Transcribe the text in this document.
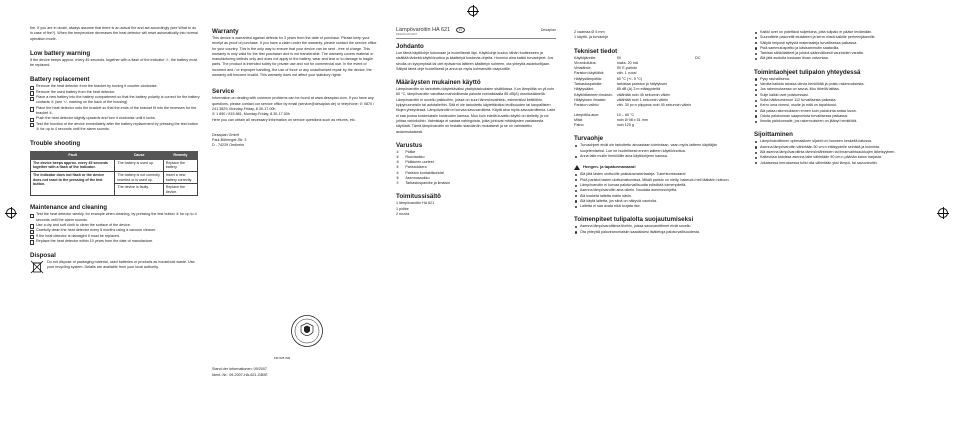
fire. If you are in doubt, always assume that there is an actual fire and act accordingly (see What to do in case of fire?). When the temperature decreases the heat detector will reset automatically into normal operation mode.

Low battery warning

If the device beeps approx. every 45 seconds, together with a flash of the indicator ⑦, the battery must be replaced.

Battery replacement
Remove the heat detector from the bracket by turning it counter-clockwise.
Remove the used battery from the heat detector.
Place a new battery into the battery compartment so that the battery polarity is correct for the battery contacts ⑤ (see +/- marking on the back of the housing)
Place the heat detector onto the bracket so that the ends of the bracket fit into the recesses for the bracket ①.
Push the heat detector slightly upwards and turn it clockwise until it locks.
Test the function of the device immediately after the battery replacement by pressing the test button ③ for up to 4 seconds until the alarm sounds.
Trouble shooting
Fault	Cause	Remedy
The device beeps approx. every 45 seconds together with a flash of the indicator.	The battery is used up.	Replace the battery.
The indicator does not flash or the device does not react to the pressing of the test button.	The battery is not correctly inserted or is used up.	Insert a new battery correctly.
	The device is faulty.	Replace the device.
Maintenance and cleaning
Test the heat detector weekly, for example when cleaning, by pressing the test button ③ for up to 4 seconds until the alarm sounds.
Use a dry and soft cloth to clean the surface of the device.
Carefully clean the heat detector every 6 months using a vacuum cleaner.
If the heat detector is damaged it must be replaced.
Replace the heat detector within 10 years from the date of manufacture.
Disposal

Do not dispose of packaging material, used batteries or products as household waste. Use your recycling system. Details are available from your local authority.

Warranty

This device is warranted against defects for 3 years from the date of purchase. Please keep your receipt as proof of purchase. If you have a claim under the warranty, please contact the service office for your country. This is the only way to ensure that your device can be sent - free of charge. This warranty is only valid for the first purchaser and is not transferable. The warranty covers material or manufacturing defects only and does not apply to the battery, wear and tear or to damage to fragile parts. The product is intended solely for private use and not for commercial use. In the event of incorrect and / or improper handling, the use of force or any unauthorised repair by the device, the warranty will become invalid. This warranty does not affect your statutory rights.

Service

Information on dealing with common problems can be found at www.desaplan.com. If you have any questions, please contact our service office by email (service@desaplan.de) or telephone: ✆ 0870 / 241 3829, Monday-Friday, 8.30-17.00h

✆ 1 890 / 815 881, Monday-Friday, 8.30-17.00h

Here you can obtain all necessary information on service questions such as returns, etc.

Desaplan GmbH

Paul-Böhringer-Str. 3

D - 74229 Oedheim

KM 528 009

Stand der Informationen: 09/2007

Ident.-Nr.: 09-2007-HA-621-GB/IE

Lämpövaroitin HA 621	FI	Desaplan

DESAPLAN 09/07

Johdanto

Lue tämä käyttöohje kokonaan ja huolellisesti läpi. Käyttöohje kuuluu tähän tuotteeseen ja sisältää tärkeitä käyttöönottoa ja käsittelyä koskevia ohjeita. Huomioi aina kaikki turvaohjeet. Jos sinulla on kysymyksiä tai olet epävarma laitteen käsittelyn suhteen, ota yhteyttä asiantuntijaan. Säilytä tämä ohje huolellisesti ja anna se myös kolmansille osapuolille.

Määräysten mukainen käyttö

Lämpövaroitin on tarkoitettu käytettäväksi yksityistalouksien sisätiloissa. Kun lämpötila on yli noin 60 °C, lämpövaroitin varoittaa mahdollisesta palosta voimakkaalla 85 dB(A) varoitusäänellä. Lämpövaroitin ei sovellu paikkoihin, joissa on suuri lämmönvaihtelu, esimerkiksi keittiöihin, kylpyhuoneisiin tai autotalleihin. Sitä ei ole tarkoitettu käytettäväksi teollisuuden tai kaupallisten tilojen yhteydessä. Lämpövaroitin ei korvaa savuvaroitinta. Käytä aina myös savuvaroittimia. Laite ei saa joutua kosketuksiin kosteuden kanssa. Muu kuin edellä kuvattu käyttö on kielletty ja voi johtaa vahinkoihin. Valmistaja ei vastaa vahingoista, jotka johtuvat määräysten vastaisesta käytöstä. Tämä lämpövaroitin on testattu standardin mukaisesti ja se on valmistettu asianmukaisesti.

Varustus
①	Pidike
②	Ruuviaukko
③	Pidikkeen uurteet
④	Paristolokero
⑤	Pariston kontaktikohdat
⑥	Asennusaukko
⑦	Tarkastuspainike ja ilmaisin
Toimitussisältö

1 lämpövaroitin HA 621

1 pidike

2 ruuvia

2 vaarnaa Ø 5 mm

1 käyttö- ja turvaohje

Tekniset tiedot
Käyttöjännite:	9V	DC
Virrankulutus:	maks. 20 mA	
Virtalähde:	9V E-paristo	
Pariston käyttöikä:	väh. 1 vuosi	
Hälytyslämpötila:	60 °C (+/- 5 °C)	
Tarkastuspainike:	tarkistaa pariston ja hälytyksen	
Hälytysääni:	85 dB (A) 3 m etäisyydeltä	
Käyttötilanteen ilmaisin:	välähtää noin 45 sekunnin välein	
Hälytyksen ilmaisin:	välähtää noin 1 sekunnin välein	
Pariston vaihto:	väh. 30 pv:n piippaus noin 45 sekunnin välein	
Lämpötila-alue:	10 – 60 °C	
Mitat:	noin Ø 98 x 51 mm	
Paino:	noin 125 g	
Turvaohje
Turvaohjeet eivät ole tarkoitettu ainoastaan toimintaan, vaan myös laitteen käyttäjän suojelemiseksi. Lue ne huolellisesti ennen laitteen käyttöönottoa.
Anna laite muille henkilöille aina käyttöohjeen kanssa.
Hengen- ja tapaturmavaara!
Älä jätä lasten ulottuville pakkausmateriaaleja. Tukehtumisvaara!
Pidä paristot lasten ulottumattomissa. Mikäli paristo on nielty, hakeudu heti lääkärin hoitoon.
Lämpövaroitin ei korvaa paloturvallisuutta edistäviä toimenpiteitä.
Asenna lämpövaroitin aina oikein. Noudata asennusohjetta.
Älä kosketa laitetta märin käsin.
Älä käytä laitetta, jos siinä on näkyviä vaurioita.
Laitetta ei saa avata eikä korjata itse.
Toimenpiteet tulipalolta suojautumiseksi
Asenna lämpövaroittimia tiloihin, joissa savuvaroittimet eivät sovellu.
Ota yhteyttä paloviranomaisiin saadaksesi lisätietoja paloturvallisuudesta.
Kaikki ovet on pidettävä suljettuina, jotta tulipalo ei pääse leviämään.
Suunnittele pakoreitit etukäteen ja kerro niistä kaikille perheenjäsenille.
Säilytä helposti syttyviä materiaaleja turvallisessa paikassa.
Pidä sammutuspeitto ja käsisammutin saatavilla.
Tarkista sähkölaitteet ja johdot säännöllisesti vaurioiden varalta.
Älä jätä avotulta koskaan ilman valvontaa.
Toimintaohjeet tulipalon yhteydessä
Pysy rauhallisena.
Varoita kaikkia talossa olevia henkilöitä ja poistu rakennuksesta.
Jos rakennuksessa on savua, liiku lähellä lattiaa.
Sulje kaikki ovet poistuessasi.
Soita hätänumeroon 112 turvallisesta paikasta.
Kerro oma nimesi, osoite ja mitä on tapahtunut.
Älä palaa rakennukseen ennen kuin palokunta antaa luvan.
Odota palokunnan saapumista turvallisessa paikassa.
Ilmoita palokunnalle, jos rakennukseen on jäänyt henkilöitä.
Sijoittaminen
Lämpövaroittimen optimaalinen sijainti on huoneen keskellä katossa.
Asenna lämpövaroitin vähintään 50 cm:n etäisyydelle seinistä ja kulmista.
Älä asenna lämpövaroitinta lämmönlähteiden tai ilmanvaihtoaukkojen läheisyyteen.
Kaltevissa katoissa asenna laite vähintään 90 cm:n päähän katon harjasta.
Jokaisessa kerroksessa tulisi olla vähintään yksi lämpö- tai savuvaroitin.
